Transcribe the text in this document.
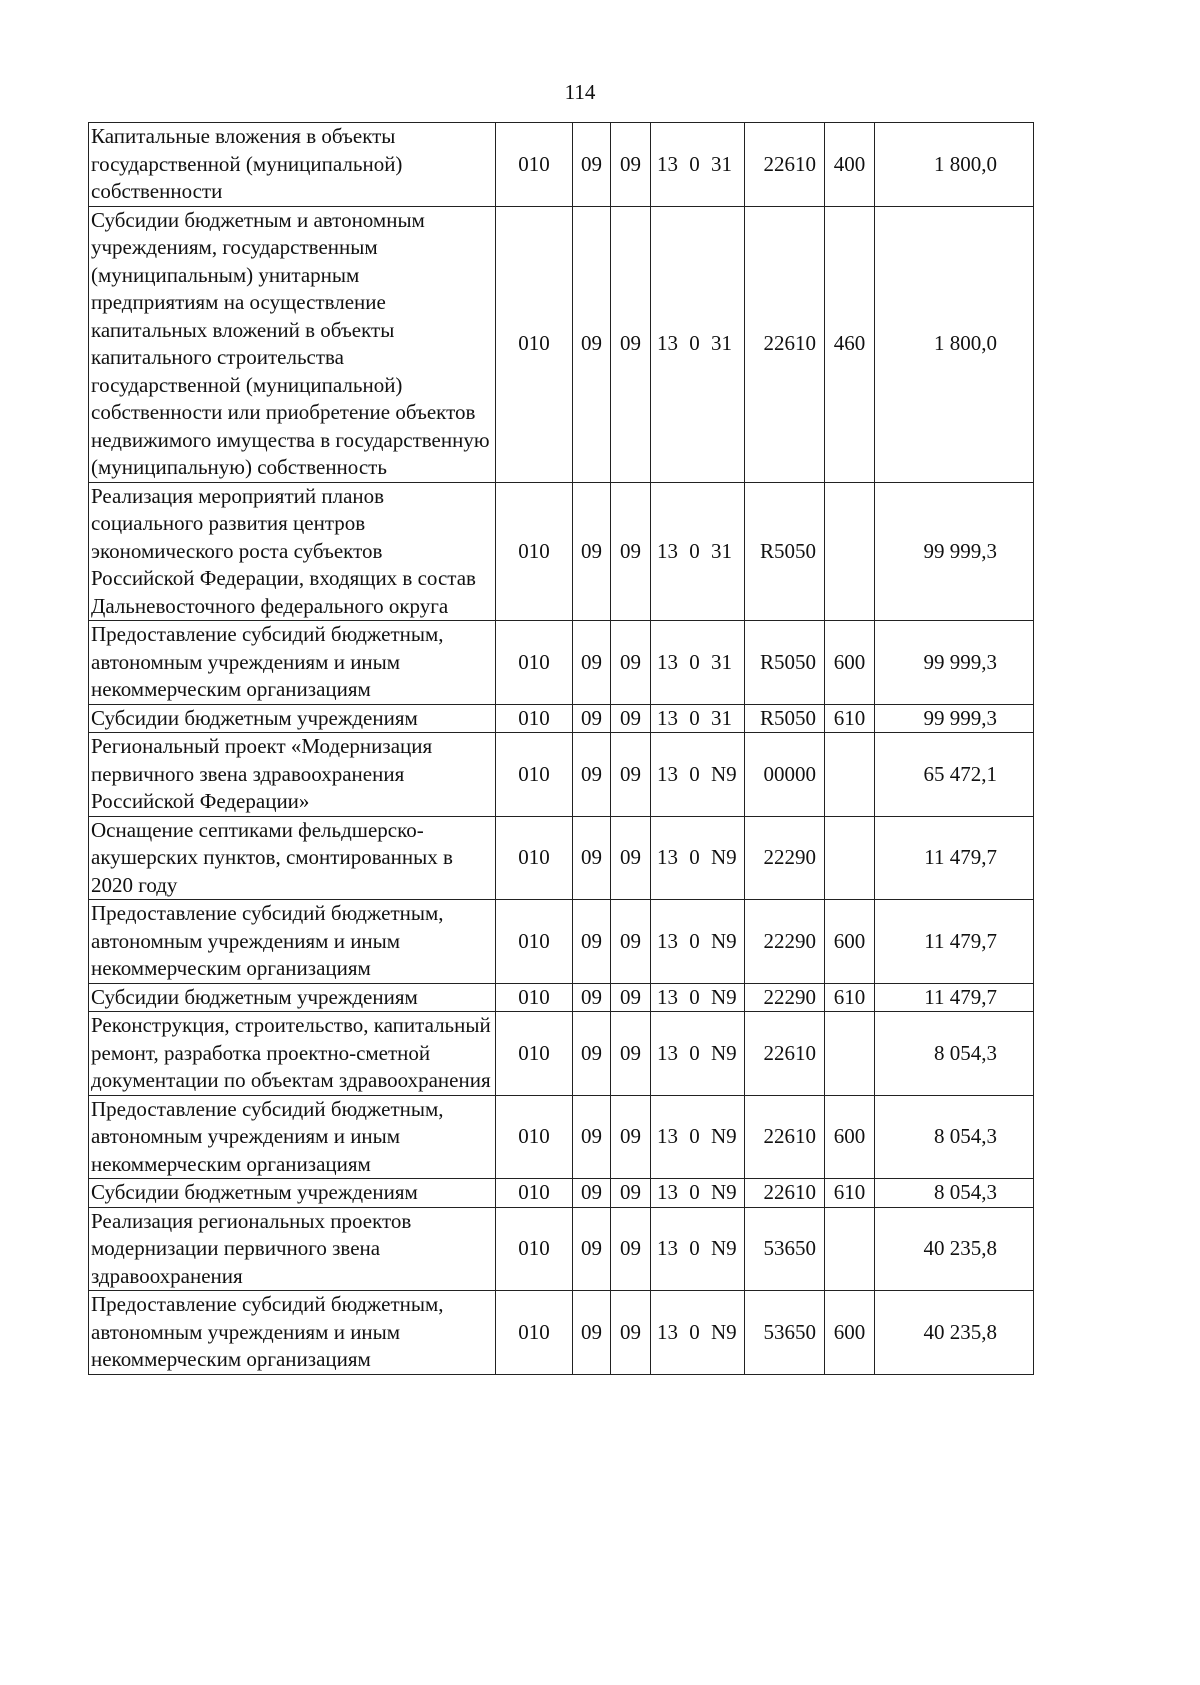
114
Капитальные вложения в объекты государственной (муниципальной) собственности	010	09	09	13 0 31	22610	400	1 800,0

Субсидии бюджетным и автономным учреждениям, государственным (муниципальным) унитарным предприятиям на осуществление капитальных вложений в объекты капитального строительства государственной (муниципальной) собственности или приобретение объектов недвижимого имущества в государственную (муниципальную) собственность	010	09	09	13 0 31	22610	460	1 800,0

Реализация мероприятий планов социального развития центров экономического роста субъектов Российской Федерации, входящих в состав Дальневосточного федерального округа	010	09	09	13 0 31	R5050		99 999,3

Предоставление субсидий бюджетным, автономным учреждениям и иным некоммерческим организациям	010	09	09	13 0 31	R5050	600	99 999,3

Субсидии бюджетным учреждениям	010	09	09	13 0 31	R5050	610	99 999,3

Региональный проект «Модернизация первичного звена здравоохранения Российской Федерации»	010	09	09	13 0 N9	00000		65 472,1

Оснащение септиками фельдшерско-акушерских пунктов, смонтированных в 2020 году	010	09	09	13 0 N9	22290		11 479,7

Предоставление субсидий бюджетным, автономным учреждениям и иным некоммерческим организациям	010	09	09	13 0 N9	22290	600	11 479,7

Субсидии бюджетным учреждениям	010	09	09	13 0 N9	22290	610	11 479,7

Реконструкция, строительство, капитальный ремонт, разработка проектно-сметной документации по объектам здравоохранения	010	09	09	13 0 N9	22610		8 054,3

Предоставление субсидий бюджетным, автономным учреждениям и иным некоммерческим организациям	010	09	09	13 0 N9	22610	600	8 054,3

Субсидии бюджетным учреждениям	010	09	09	13 0 N9	22610	610	8 054,3

Реализация региональных проектов модернизации первичного звена здравоохранения	010	09	09	13 0 N9	53650		40 235,8

Предоставление субсидий бюджетным, автономным учреждениям и иным некоммерческим организациям	010	09	09	13 0 N9	53650	600	40 235,8
